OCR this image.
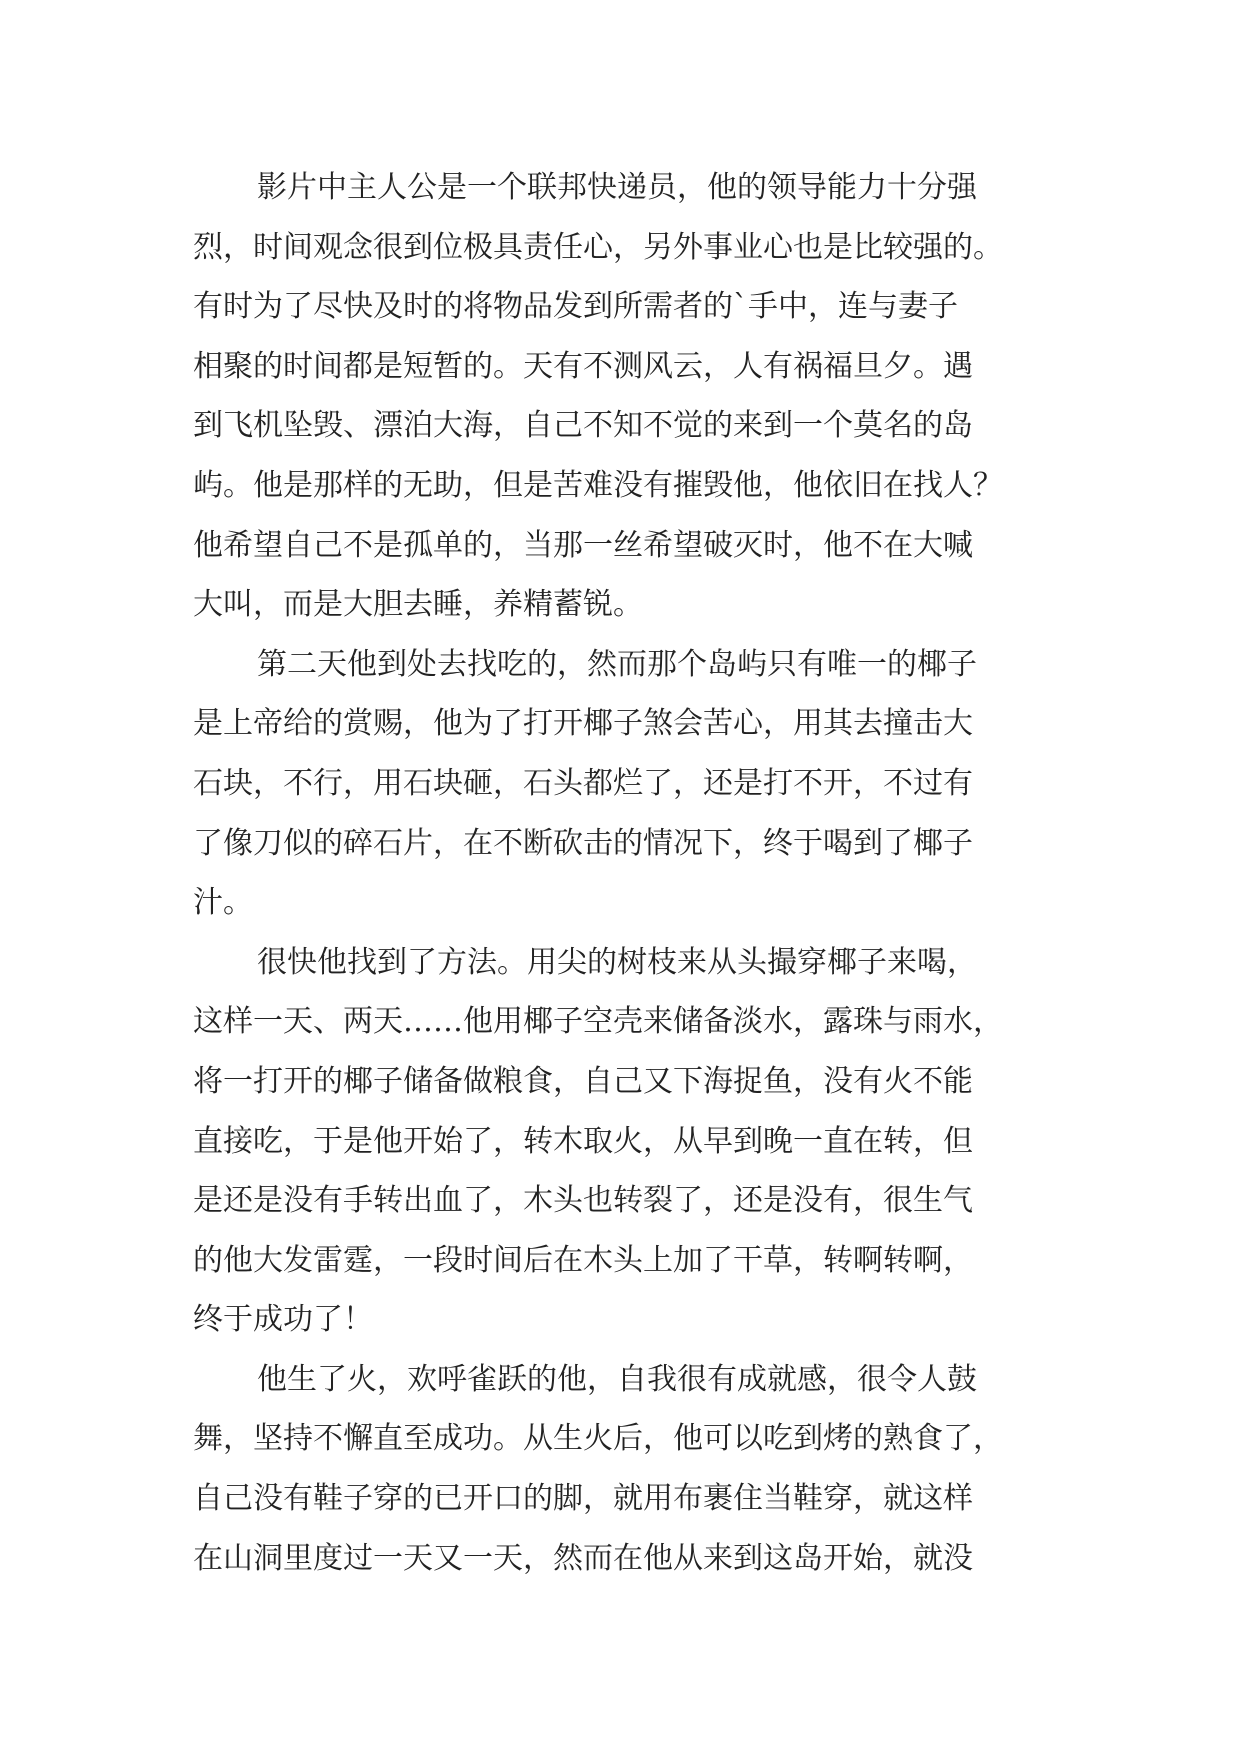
影片中主人公是一个联邦快递员，他的领导能力十分强
烈，时间观念很到位极具责任心，另外事业心也是比较强的。
有时为了尽快及时的将物品发到所需者的`手中，连与妻子
相聚的时间都是短暂的。天有不测风云，人有祸福旦夕。遇
到飞机坠毁、漂泊大海，自己不知不觉的来到一个莫名的岛
屿。他是那样的无助，但是苦难没有摧毁他，他依旧在找人？
他希望自己不是孤单的，当那一丝希望破灭时，他不在大喊
大叫，而是大胆去睡，养精蓄锐。
第二天他到处去找吃的，然而那个岛屿只有唯一的椰子
是上帝给的赏赐，他为了打开椰子煞会苦心，用其去撞击大
石块，不行，用石块砸，石头都烂了，还是打不开，不过有
了像刀似的碎石片，在不断砍击的情况下，终于喝到了椰子
汁。
很快他找到了方法。用尖的树枝来从头撮穿椰子来喝，
这样一天、两天……他用椰子空壳来储备淡水，露珠与雨水，
将一打开的椰子储备做粮食，自己又下海捉鱼，没有火不能
直接吃，于是他开始了，转木取火，从早到晚一直在转，但
是还是没有手转出血了，木头也转裂了，还是没有，很生气
的他大发雷霆，一段时间后在木头上加了干草，转啊转啊，
终于成功了！
他生了火，欢呼雀跃的他，自我很有成就感，很令人鼓
舞，坚持不懈直至成功。从生火后，他可以吃到烤的熟食了，
自己没有鞋子穿的已开口的脚，就用布裹住当鞋穿，就这样
在山洞里度过一天又一天，然而在他从来到这岛开始，就没
